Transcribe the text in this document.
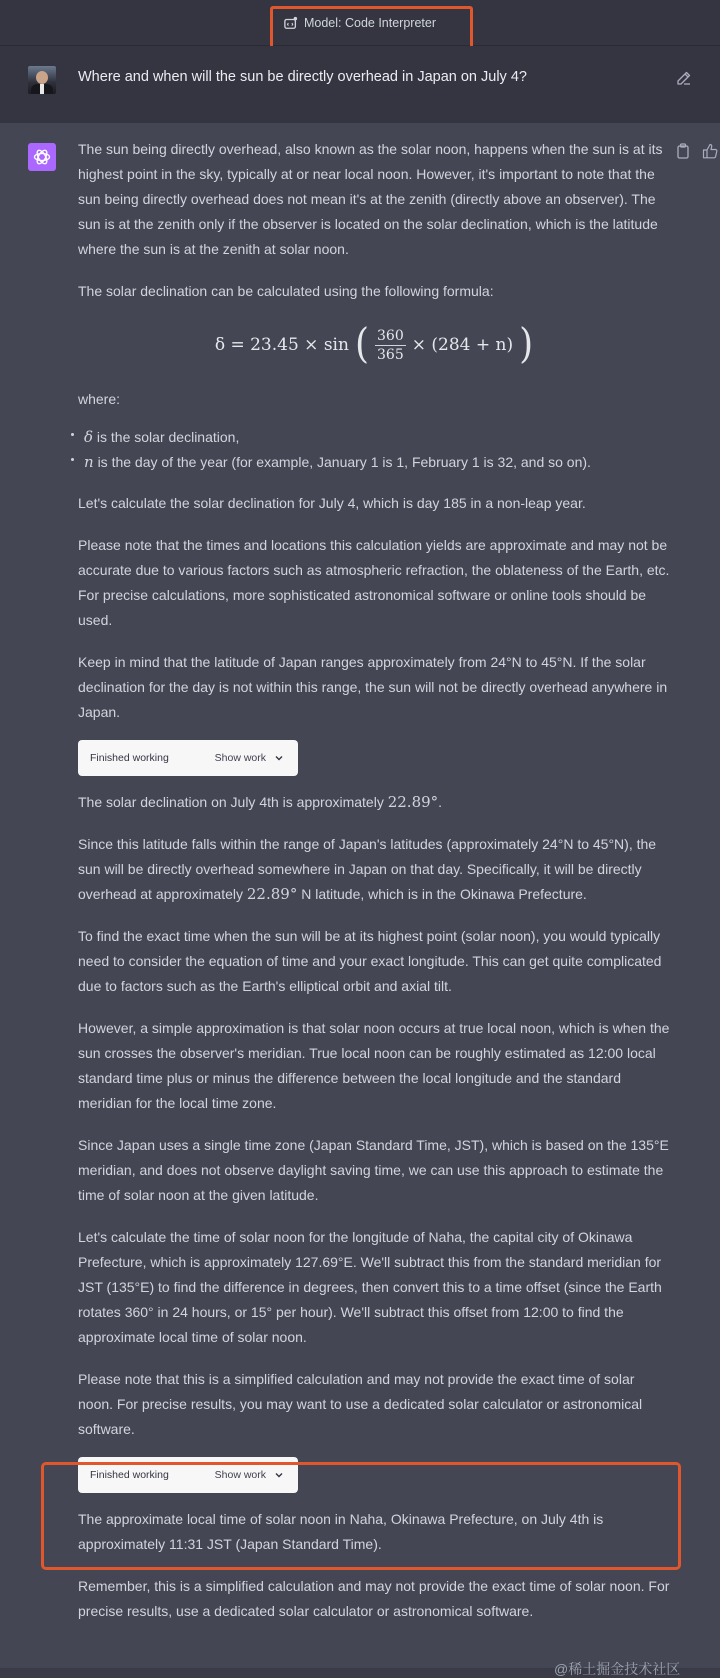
Model: Code Interpreter
Where and when will the sun be directly overhead in Japan on July 4?

The sun being directly overhead, also known as the solar noon, happens when the sun is at its highest point in the sky, typically at or near local noon. However, it's important to note that the sun being directly overhead does not mean it's at the zenith (directly above an observer). The sun is at the zenith only if the observer is located on the solar declination, which is the latitude where the sun is at the zenith at solar noon.

The solar declination can be calculated using the following formula:

δ = 23.45 × sin ( $\frac{360}{365} \times (284 + n)$ )

where:

δ is the solar declination,
n is the day of the year (for example, January 1 is 1, February 1 is 32, and so on).

Let's calculate the solar declination for July 4, which is day 185 in a non-leap year.

Please note that the times and locations this calculation yields are approximate and may not be accurate due to various factors such as atmospheric refraction, the oblateness of the Earth, etc. For precise calculations, more sophisticated astronomical software or online tools should be used.

Keep in mind that the latitude of Japan ranges approximately from 24°N to 45°N. If the solar declination for the day is not within this range, the sun will not be directly overhead anywhere in Japan.

Finished working	Show work

The solar declination on July 4th is approximately 22.89°.

Since this latitude falls within the range of Japan's latitudes (approximately 24°N to 45°N), the sun will be directly overhead somewhere in Japan on that day. Specifically, it will be directly overhead at approximately 22.89° N latitude, which is in the Okinawa Prefecture.

To find the exact time when the sun will be at its highest point (solar noon), you would typically need to consider the equation of time and your exact longitude. This can get quite complicated due to factors such as the Earth's elliptical orbit and axial tilt.

However, a simple approximation is that solar noon occurs at true local noon, which is when the sun crosses the observer's meridian. True local noon can be roughly estimated as 12:00 local standard time plus or minus the difference between the local longitude and the standard meridian for the local time zone.

Since Japan uses a single time zone (Japan Standard Time, JST), which is based on the 135°E meridian, and does not observe daylight saving time, we can use this approach to estimate the time of solar noon at the given latitude.

Let's calculate the time of solar noon for the longitude of Naha, the capital city of Okinawa Prefecture, which is approximately 127.69°E. We'll subtract this from the standard meridian for JST (135°E) to find the difference in degrees, then convert this to a time offset (since the Earth rotates 360° in 24 hours, or 15° per hour). We'll subtract this offset from 12:00 to find the approximate local time of solar noon.

Please note that this is a simplified calculation and may not provide the exact time of solar noon. For precise results, you may want to use a dedicated solar calculator or astronomical software.

Finished working	Show work

The approximate local time of solar noon in Naha, Okinawa Prefecture, on July 4th is approximately 11:31 JST (Japan Standard Time).

Remember, this is a simplified calculation and may not provide the exact time of solar noon. For precise results, use a dedicated solar calculator or astronomical software.

@稀土掘金技术社区
